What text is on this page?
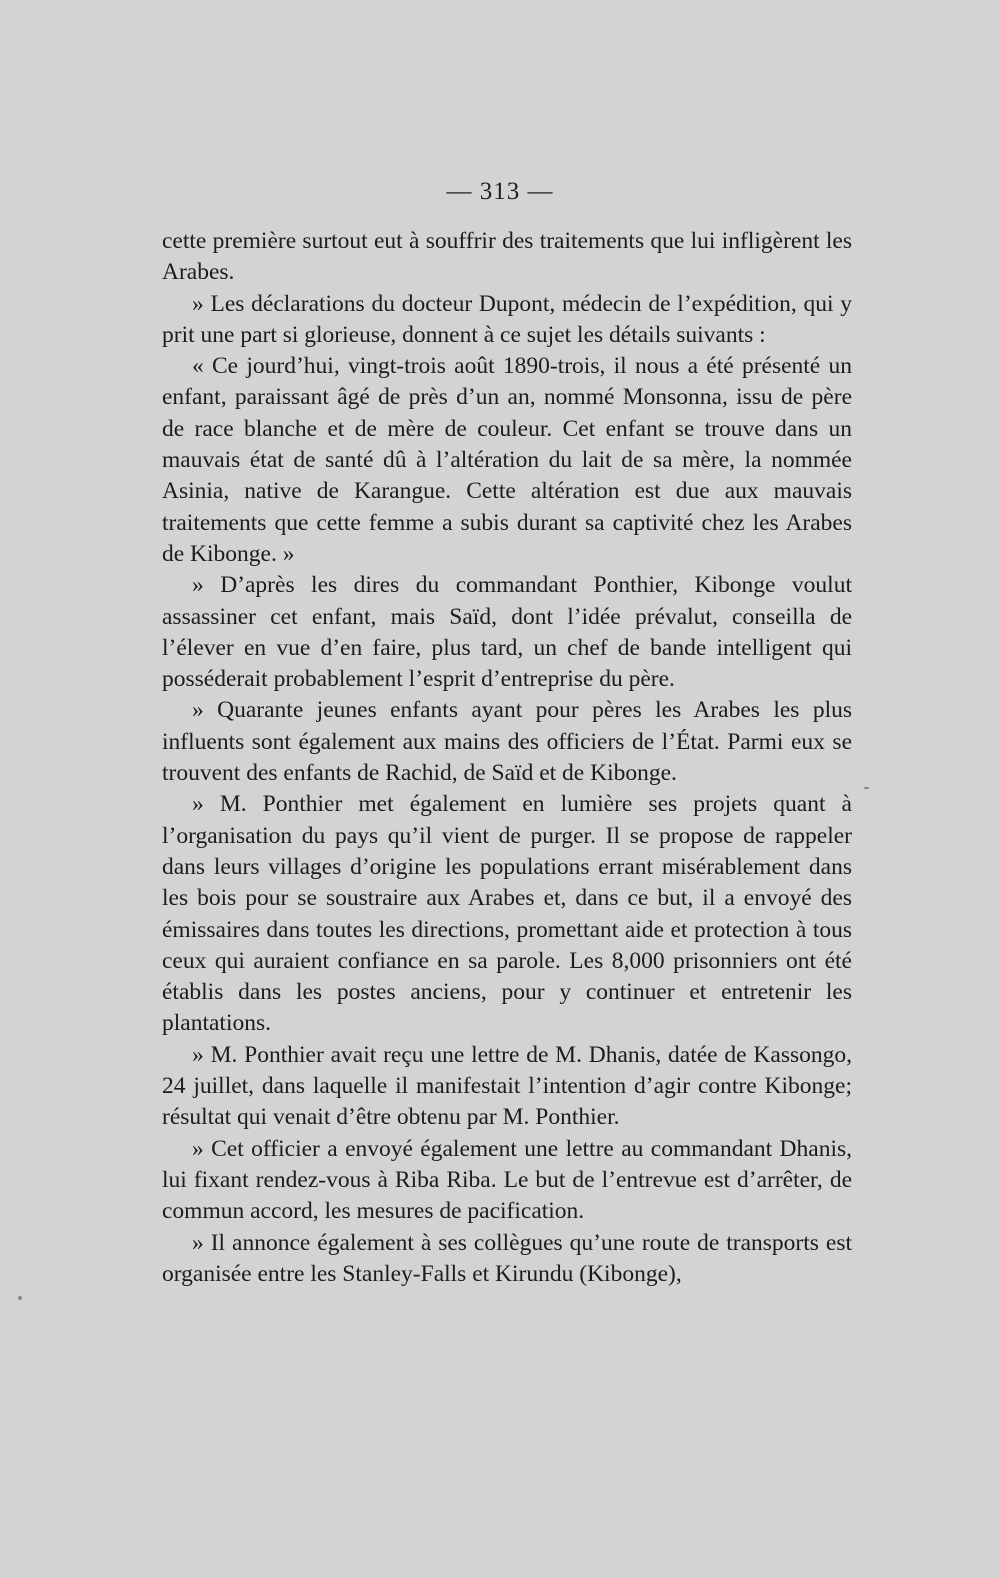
— 313 —

cette première surtout eut à souffrir des traitements que lui infligèrent les Arabes.

» Les déclarations du docteur Dupont, médecin de l’expédition, qui y prit une part si glorieuse, donnent à ce sujet les détails suivants :

« Ce jourd’hui, vingt-trois août 1890-trois, il nous a été présenté un enfant, paraissant âgé de près d’un an, nommé Monsonna, issu de père de race blanche et de mère de couleur. Cet enfant se trouve dans un mauvais état de santé dû à l’altération du lait de sa mère, la nommée Asinia, native de Karangue. Cette altération est due aux mauvais traitements que cette femme a subis durant sa captivité chez les Arabes de Kibonge. »

» D’après les dires du commandant Ponthier, Kibonge voulut assassiner cet enfant, mais Saïd, dont l’idée prévalut, conseilla de l’élever en vue d’en faire, plus tard, un chef de bande intelligent qui posséderait probablement l’esprit d’entreprise du père.

» Quarante jeunes enfants ayant pour pères les Arabes les plus influents sont également aux mains des officiers de l’État. Parmi eux se trouvent des enfants de Rachid, de Saïd et de Kibonge.

» M. Ponthier met également en lumière ses projets quant à l’organisation du pays qu’il vient de purger. Il se propose de rappeler dans leurs villages d’origine les populations errant misérablement dans les bois pour se soustraire aux Arabes et, dans ce but, il a envoyé des émissaires dans toutes les directions, promettant aide et protection à tous ceux qui auraient confiance en sa parole. Les 8,000 prisonniers ont été établis dans les postes anciens, pour y continuer et entretenir les plantations.

» M. Ponthier avait reçu une lettre de M. Dhanis, datée de Kassongo, 24 juillet, dans laquelle il manifestait l’intention d’agir contre Kibonge; résultat qui venait d’être obtenu par M. Ponthier.

» Cet officier a envoyé également une lettre au commandant Dhanis, lui fixant rendez-vous à Riba Riba. Le but de l’entrevue est d’arrêter, de commun accord, les mesures de pacification.

» Il annonce également à ses collègues qu’une route de transports est organisée entre les Stanley-Falls et Kirundu (Kibonge),
